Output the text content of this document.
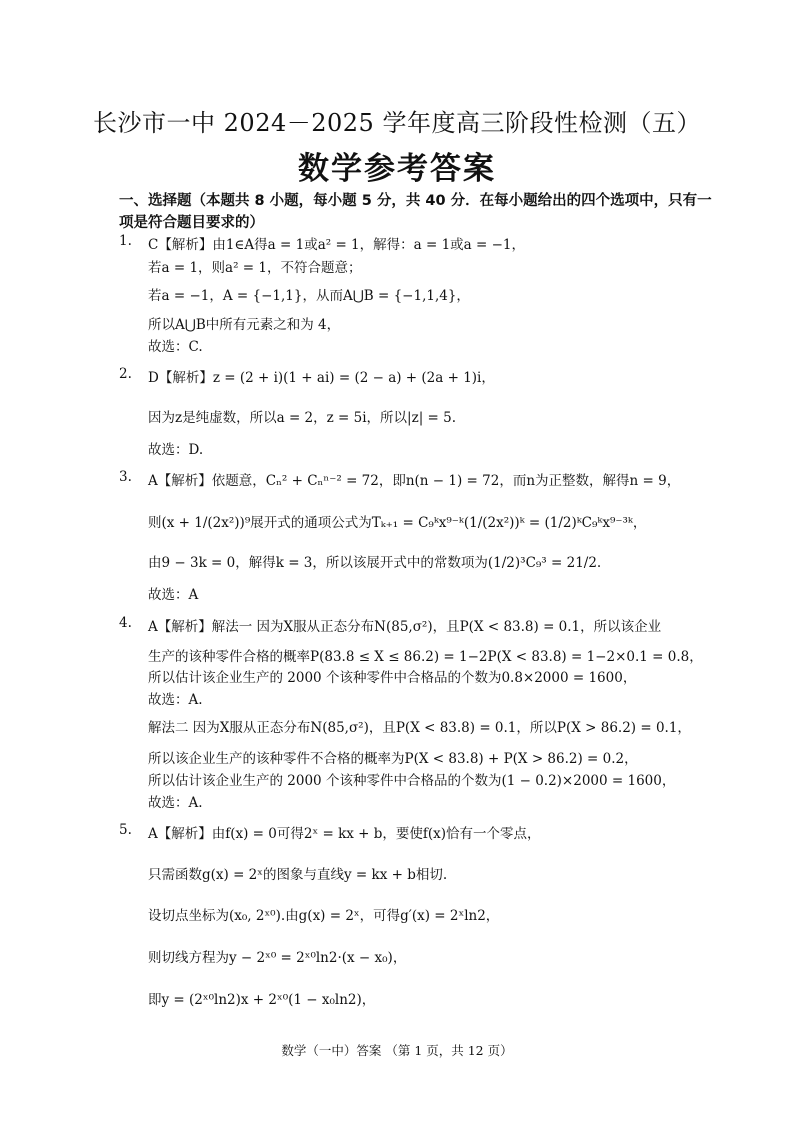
长沙市一中 2024－2025 学年度高三阶段性检测（五）
数学参考答案
一、选择题（本题共 8 小题，每小题 5 分，共 40 分．在每小题给出的四个选项中，只有一
项是符合题目要求的）
1. C【解析】由1∈A得a = 1或a² = 1，解得：a = 1或a = −1，
若a = 1，则a² = 1，不符合题意；
若a = −1，A = {−1,1}，从而A⋃B = {−1,1,4}，
所以A⋃B中所有元素之和为 4，
故选：C.
2. D【解析】z = (2 + i)(1 + ai) = (2 − a) + (2a + 1)i，
因为z是纯虚数，所以a = 2，z = 5i，所以|z| = 5.
故选：D.
3. A【解析】依题意，Cₙ² + Cₙⁿ⁻² = 72，即n(n − 1) = 72，而n为正整数，解得n = 9，
则(x + 1/(2x²))⁹展开式的通项公式为Tₖ₊₁ = C₉ᵏx⁹⁻ᵏ(1/(2x²))ᵏ = (1/2)ᵏC₉ᵏx⁹⁻³ᵏ，
由9 − 3k = 0，解得k = 3，所以该展开式中的常数项为(1/2)³C₉³ = 21/2.
故选：A
4. A【解析】解法一 因为X服从正态分布N(85,σ²)，且P(X < 83.8) = 0.1，所以该企业
生产的该种零件合格的概率P(83.8 ≤ X ≤ 86.2) = 1−2P(X < 83.8) = 1−2×0.1 = 0.8，
所以估计该企业生产的 2000 个该种零件中合格品的个数为0.8×2000 = 1600，
故选：A.
解法二 因为X服从正态分布N(85,σ²)，且P(X < 83.8) = 0.1，所以P(X > 86.2) = 0.1，
所以该企业生产的该种零件不合格的概率为P(X < 83.8) + P(X > 86.2) = 0.2，
所以估计该企业生产的 2000 个该种零件中合格品的个数为(1 − 0.2)×2000 = 1600，
故选：A.
5. A【解析】由f(x) = 0可得2ˣ = kx + b，要使f(x)恰有一个零点，
只需函数g(x) = 2ˣ的图象与直线y = kx + b相切.
设切点坐标为(x₀, 2ˣ⁰).由g(x) = 2ˣ，可得g′(x) = 2ˣln2，
则切线方程为y − 2ˣ⁰ = 2ˣ⁰ln2·(x − x₀)，
即y = (2ˣ⁰ln2)x + 2ˣ⁰(1 − x₀ln2)，
数学（一中）答案 （第 1 页，共 12 页）
